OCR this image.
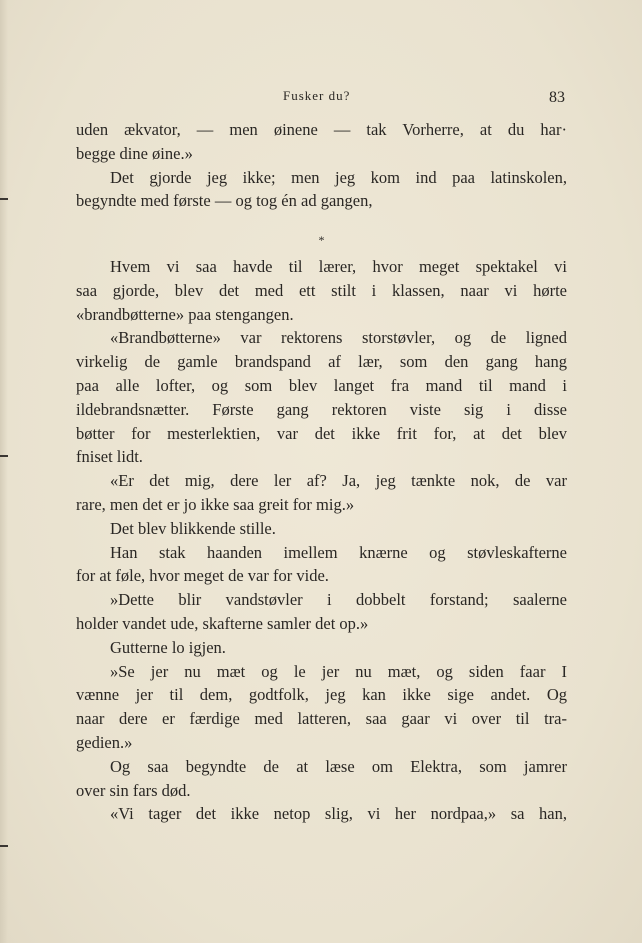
Fusker du?	83
uden ækvator, — men øinene — tak Vorherre, at du har·
begge dine øine.»
Det gjorde jeg ikke; men jeg kom ind paa latinskolen,
begyndte med første — og tog én ad gangen,
*
Hvem vi saa havde til lærer, hvor meget spektakel vi
saa gjorde, blev det med ett stilt i klassen, naar vi hørte
«brandbøtterne» paa stengangen.
«Brandbøtterne» var rektorens storstøvler, og de ligned
virkelig de gamle brandspand af lær, som den gang hang
paa alle lofter, og som blev langet fra mand til mand i
ildebrandsnætter. Første gang rektoren viste sig i disse
bøtter for mesterlektien, var det ikke frit for, at det blev
fniset lidt.
«Er det mig, dere ler af? Ja, jeg tænkte nok, de var
rare, men det er jo ikke saa greit for mig.»
Det blev blikkende stille.
Han stak haanden imellem knærne og støvleskafterne
for at føle, hvor meget de var for vide.
»Dette blir vandstøvler i dobbelt forstand; saalerne
holder vandet ude, skafterne samler det op.»
Gutterne lo igjen.
»Se jer nu mæt og le jer nu mæt, og siden faar I
vænne jer til dem, godtfolk, jeg kan ikke sige andet. Og
naar dere er færdige med latteren, saa gaar vi over til tra-
gedien.»
Og saa begyndte de at læse om Elektra, som jamrer
over sin fars død.
«Vi tager det ikke netop slig, vi her nordpaa,» sa han,
